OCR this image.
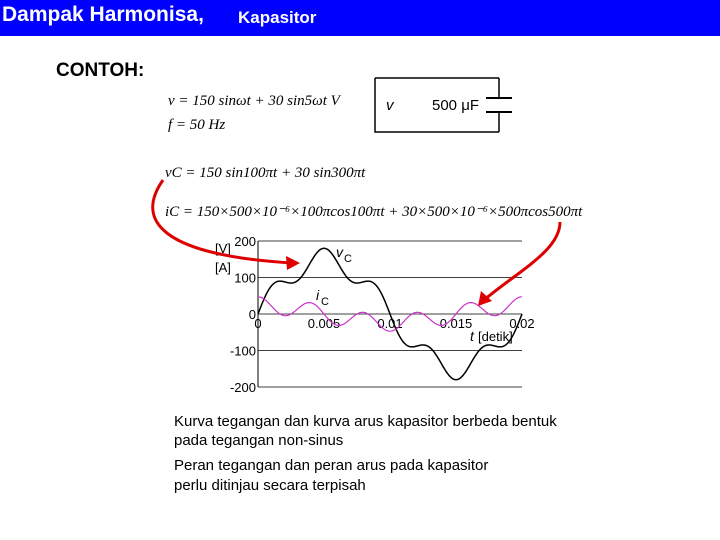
Dampak Harmonisa, Kapasitor
CONTOH:
v = 150 sinωt + 30 sin5ωt V
f = 50 Hz
vC = 150 sin100πt + 30 sin300πt
iC = 150×500×10⁻⁶×100πcos100πt + 30×500×10⁻⁶×500πcos500πt
v	500 μF
200
100
0
-100
-200
0	0.005	0.01	0.015	0.02
[V]
[A]
t [detik]
v C
i C
Kurva tegangan dan kurva arus kapasitor berbeda bentuk
pada tegangan non-sinus
Peran tegangan dan peran arus pada kapasitor
perlu ditinjau secara terpisah
